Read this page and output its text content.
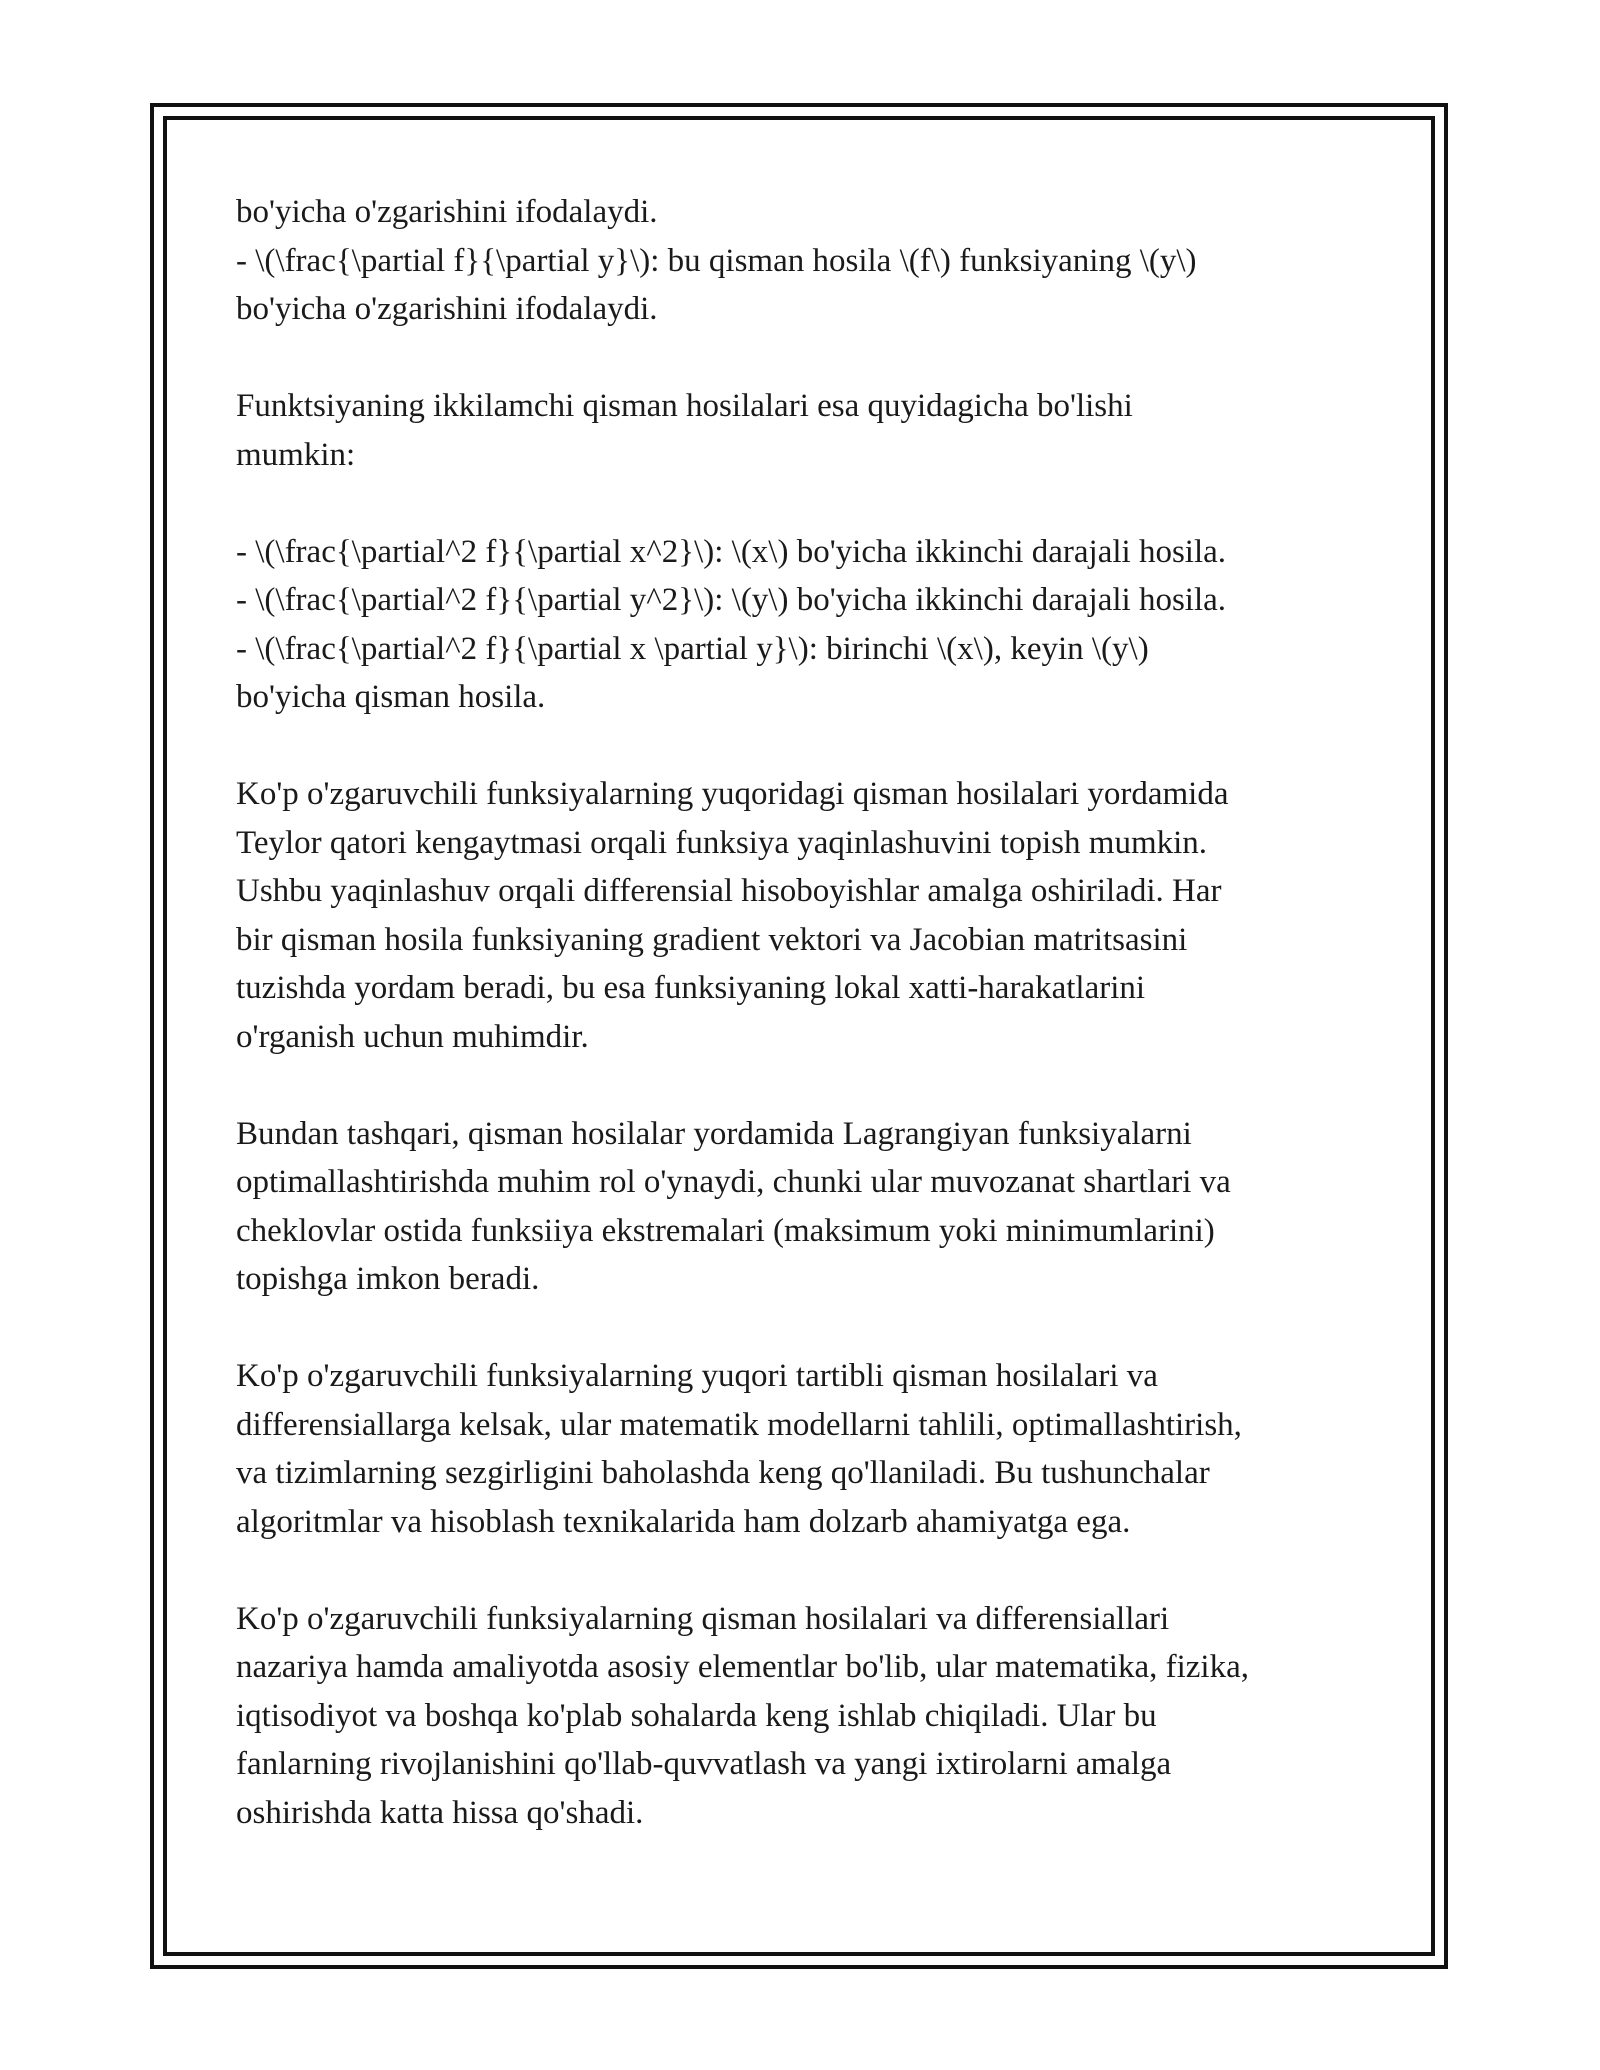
bo'yicha o'zgarishini ifodalaydi.
- \(\frac{\partial f}{\partial y}\): bu qisman hosila \(f\) funksiyaning \(y\)
bo'yicha o'zgarishini ifodalaydi.
Funktsiyaning ikkilamchi qisman hosilalari esa quyidagicha bo'lishi
mumkin:
- \(\frac{\partial^2 f}{\partial x^2}\): \(x\) bo'yicha ikkinchi darajali hosila.
- \(\frac{\partial^2 f}{\partial y^2}\): \(y\) bo'yicha ikkinchi darajali hosila.
- \(\frac{\partial^2 f}{\partial x \partial y}\): birinchi \(x\), keyin \(y\)
bo'yicha qisman hosila.
Ko'p o'zgaruvchili funksiyalarning yuqoridagi qisman hosilalari yordamida
Teylor qatori kengaytmasi orqali funksiya yaqinlashuvini topish mumkin.
Ushbu yaqinlashuv orqali differensial hisoboyishlar amalga oshiriladi. Har
bir qisman hosila funksiyaning gradient vektori va Jacobian matritsasini
tuzishda yordam beradi, bu esa funksiyaning lokal xatti-harakatlarini
o'rganish uchun muhimdir.
Bundan tashqari, qisman hosilalar yordamida Lagrangiyan funksiyalarni
optimallashtirishda muhim rol o'ynaydi, chunki ular muvozanat shartlari va
cheklovlar ostida funksiiya ekstremalari (maksimum yoki minimumlarini)
topishga imkon beradi.
Ko'p o'zgaruvchili funksiyalarning yuqori tartibli qisman hosilalari va
differensiallarga kelsak, ular matematik modellarni tahlili, optimallashtirish,
va tizimlarning sezgirligini baholashda keng qo'llaniladi. Bu tushunchalar
algoritmlar va hisoblash texnikalarida ham dolzarb ahamiyatga ega.
Ko'p o'zgaruvchili funksiyalarning qisman hosilalari va differensiallari
nazariya hamda amaliyotda asosiy elementlar bo'lib, ular matematika, fizika,
iqtisodiyot va boshqa ko'plab sohalarda keng ishlab chiqiladi. Ular bu
fanlarning rivojlanishini qo'llab-quvvatlash va yangi ixtirolarni amalga
oshirishda katta hissa qo'shadi.
